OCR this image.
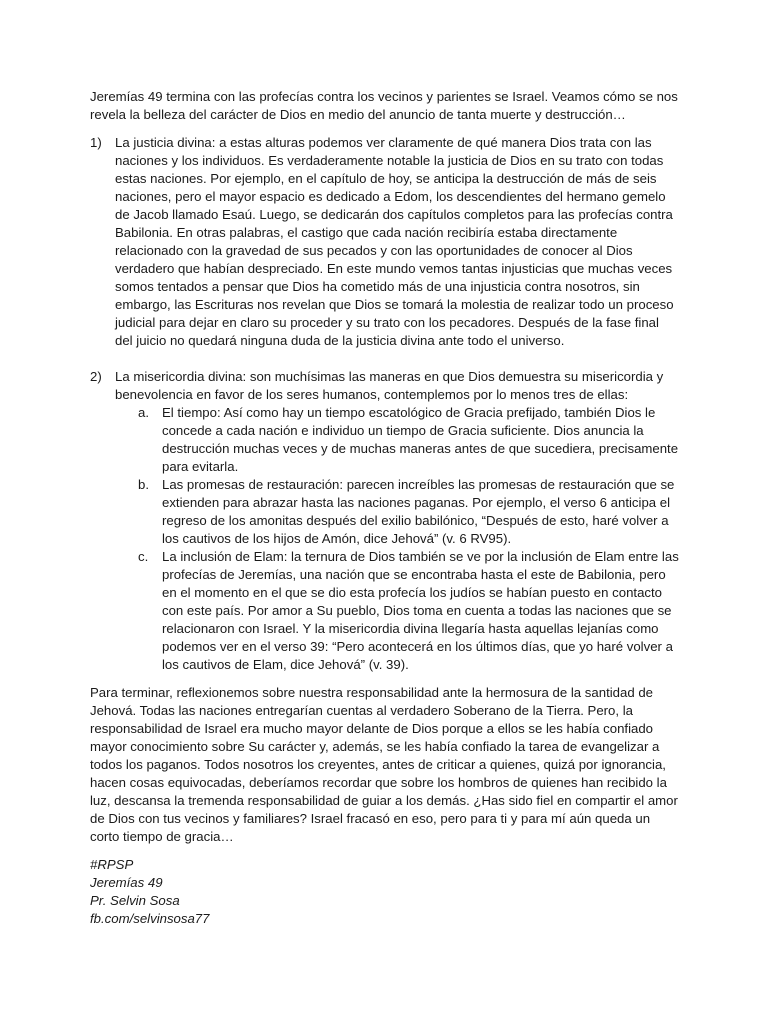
Jeremías 49 termina con las profecías contra los vecinos y parientes se Israel. Veamos cómo se nos revela la belleza del carácter de Dios en medio del anuncio de tanta muerte y destrucción…

1)	La justicia divina: a estas alturas podemos ver claramente de qué manera Dios trata con las naciones y los individuos. Es verdaderamente notable la justicia de Dios en su trato con todas estas naciones. Por ejemplo, en el capítulo de hoy, se anticipa la destrucción de más de seis naciones, pero el mayor espacio es dedicado a Edom, los descendientes del hermano gemelo de Jacob llamado Esaú. Luego, se dedicarán dos capítulos completos para las profecías contra Babilonia. En otras palabras, el castigo que cada nación recibiría estaba directamente relacionado con la gravedad de sus pecados y con las oportunidades de conocer al Dios verdadero que habían despreciado. En este mundo vemos tantas injusticias que muchas veces somos tentados a pensar que Dios ha cometido más de una injusticia contra nosotros, sin embargo, las Escrituras nos revelan que Dios se tomará la molestia de realizar todo un proceso judicial para dejar en claro su proceder y su trato con los pecadores. Después de la fase final del juicio no quedará ninguna duda de la justicia divina ante todo el universo.
2)	La misericordia divina: son muchísimas las maneras en que Dios demuestra su misericordia y benevolencia en favor de los seres humanos, contemplemos por lo menos tres de ellas:
a. El tiempo: Así como hay un tiempo escatológico de Gracia prefijado, también Dios le concede a cada nación e individuo un tiempo de Gracia suficiente. Dios anuncia la destrucción muchas veces y de muchas maneras antes de que sucediera, precisamente para evitarla.
b. Las promesas de restauración: parecen increíbles las promesas de restauración que se extienden para abrazar hasta las naciones paganas. Por ejemplo, el verso 6 anticipa el regreso de los amonitas después del exilio babilónico, “Después de esto, haré volver a los cautivos de los hijos de Amón, dice Jehová” (v. 6 RV95).
c.	La inclusión de Elam: la ternura de Dios también se ve por la inclusión de Elam entre las profecías de Jeremías, una nación que se encontraba hasta el este de Babilonia, pero en el momento en el que se dio esta profecía los judíos se habían puesto en contacto con este país. Por amor a Su pueblo, Dios toma en cuenta a todas las naciones que se relacionaron con Israel. Y la misericordia divina llegaría hasta aquellas lejanías como podemos ver en el verso 39: “Pero acontecerá en los últimos días, que yo haré volver a los cautivos de Elam, dice Jehová” (v. 39).

Para terminar, reflexionemos sobre nuestra responsabilidad ante la hermosura de la santidad de Jehová. Todas las naciones entregarían cuentas al verdadero Soberano de la Tierra. Pero, la responsabilidad de Israel era mucho mayor delante de Dios porque a ellos se les había confiado mayor conocimiento sobre Su carácter y, además, se les había confiado la tarea de evangelizar a todos los paganos. Todos nosotros los creyentes, antes de criticar a quienes, quizá por ignorancia, hacen cosas equivocadas, deberíamos recordar que sobre los hombros de quienes han recibido la luz, descansa la tremenda responsabilidad de guiar a los demás. ¿Has sido fiel en compartir el amor de Dios con tus vecinos y familiares? Israel fracasó en eso, pero para ti y para mí aún queda un corto tiempo de gracia…

#RPSP
Jeremías 49
Pr. Selvin Sosa
fb.com/selvinsosa77
